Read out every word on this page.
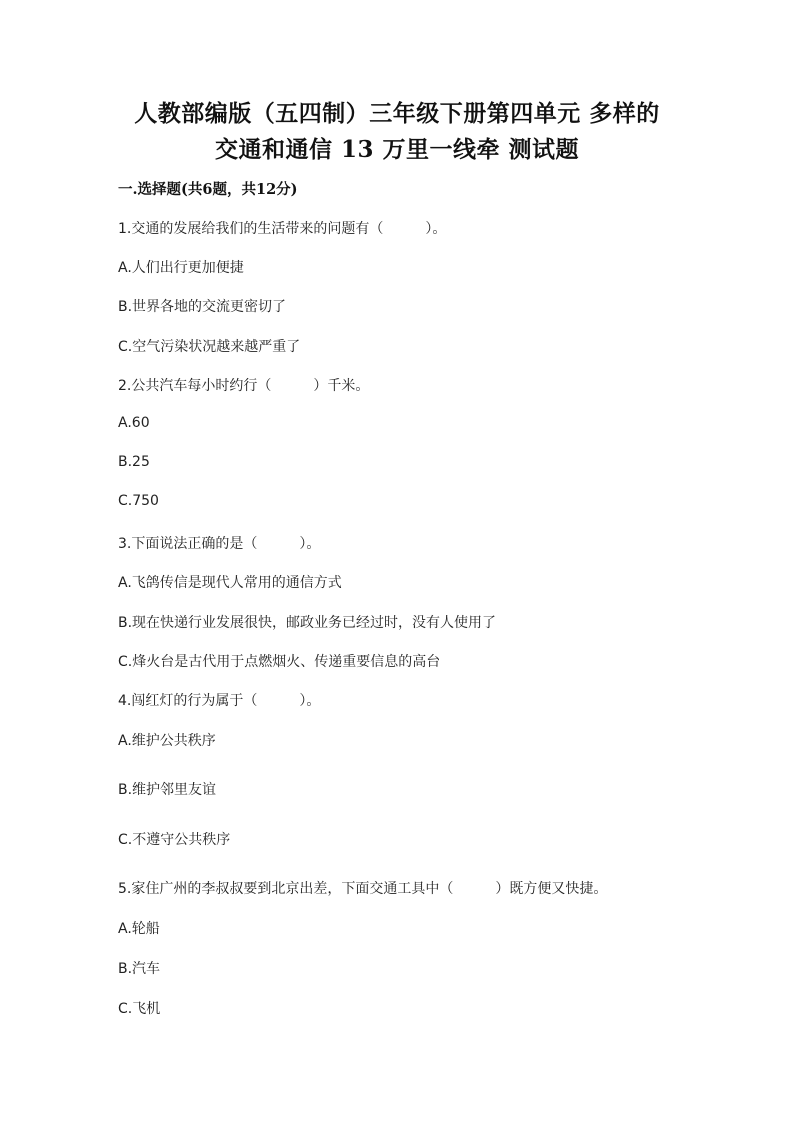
人教部编版（五四制）三年级下册第四单元 多样的
交通和通信 13 万里一线牵 测试题
一.选择题(共6题，共12分)
1.交通的发展给我们的生活带来的问题有（　　　）。
A.人们出行更加便捷
B.世界各地的交流更密切了
C.空气污染状况越来越严重了
2.公共汽车每小时约行（　　　）千米。
A.60
B.25
C.750
3.下面说法正确的是（　　　）。
A.飞鸽传信是现代人常用的通信方式
B.现在快递行业发展很快，邮政业务已经过时，没有人使用了
C.烽火台是古代用于点燃烟火、传递重要信息的高台
4.闯红灯的行为属于（　　　）。
A.维护公共秩序
B.维护邻里友谊
C.不遵守公共秩序
5.家住广州的李叔叔要到北京出差，下面交通工具中（　　　）既方便又快捷。
A.轮船
B.汽车
C.飞机
